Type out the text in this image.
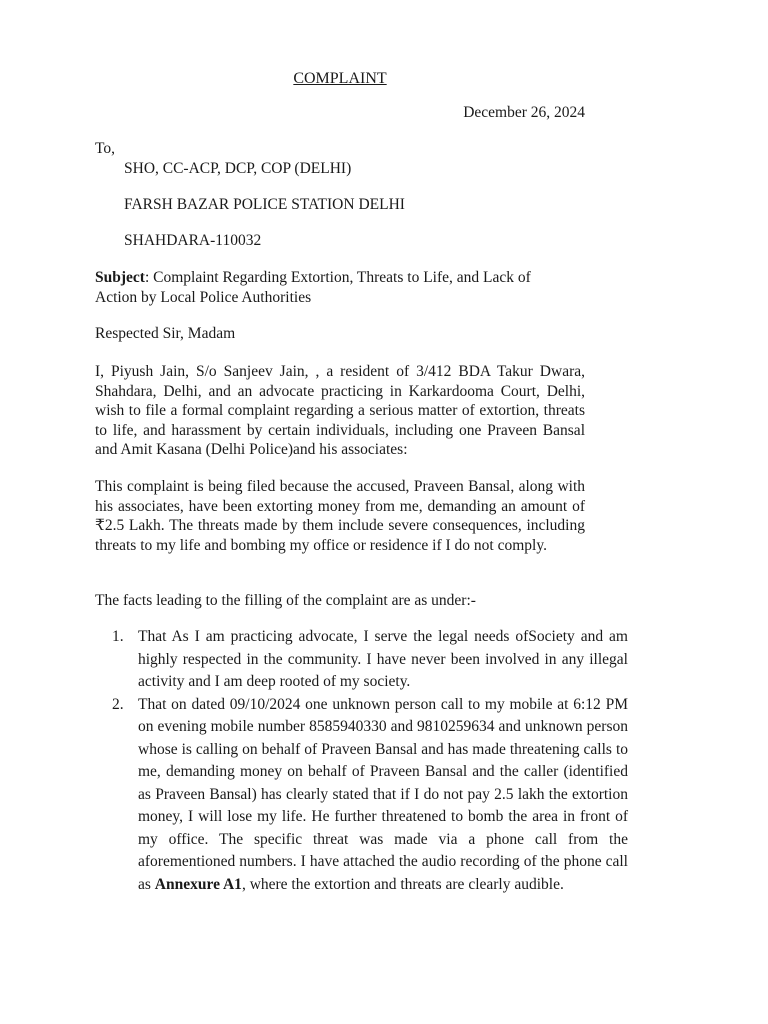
COMPLAINT
December 26, 2024
To,
SHO, CC-ACP, DCP, COP (DELHI)
FARSH BAZAR POLICE STATION DELHI
SHAHDARA-110032
Subject: Complaint Regarding Extortion, Threats to Life, and Lack of Action by Local Police Authorities
Respected Sir, Madam

I, Piyush Jain, S/o Sanjeev Jain, , a resident of 3/412 BDA Takur Dwara, Shahdara, Delhi, and an advocate practicing in Karkardooma Court, Delhi, wish to file a formal complaint regarding a serious matter of extortion, threats to life, and harassment by certain individuals, including one Praveen Bansal and Amit Kasana (Delhi Police)and his associates:

This complaint is being filed because the accused, Praveen Bansal, along with his associates, have been extorting money from me, demanding an amount of ₹2.5 Lakh. The threats made by them include severe consequences, including threats to my life and bombing my office or residence if I do not comply.

The facts leading to the filling of the complaint are as under:-
1. That As I am practicing advocate, I serve the legal needs ofSociety and am highly respected in the community. I have never been involved in any illegal activity and I am deep rooted of my society.
2. That on dated 09/10/2024 one unknown person call to my mobile at 6:12 PM on evening mobile number 8585940330 and 9810259634 and unknown person whose is calling on behalf of Praveen Bansal and has made threatening calls to me, demanding money on behalf of Praveen Bansal and the caller (identified as Praveen Bansal) has clearly stated that if I do not pay 2.5 lakh the extortion money, I will lose my life. He further threatened to bomb the area in front of my office. The specific threat was made via a phone call from the aforementioned numbers. I have attached the audio recording of the phone call as Annexure A1, where the extortion and threats are clearly audible.
